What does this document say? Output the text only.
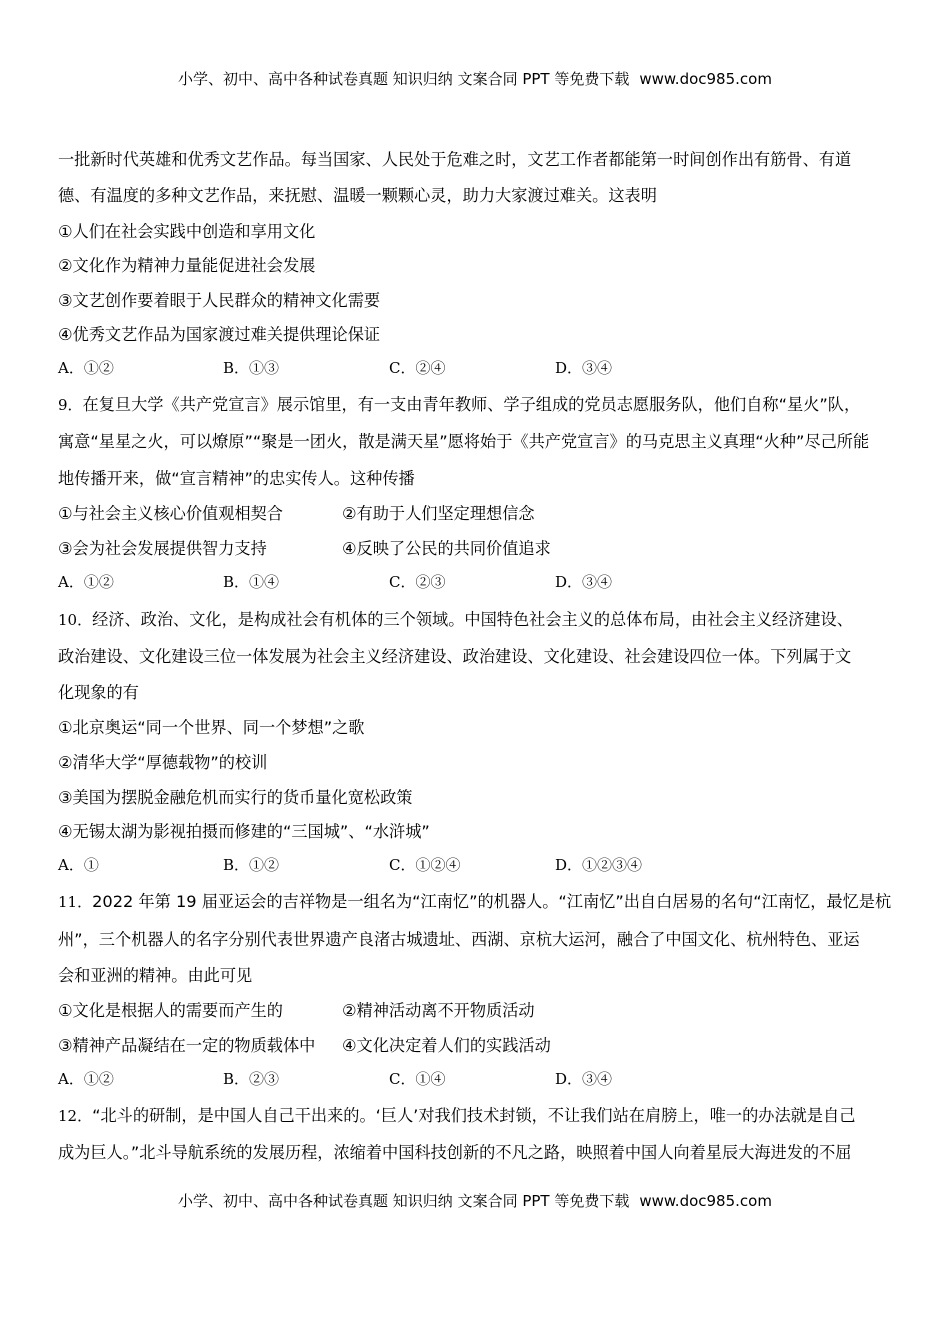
小学、初中、高中各种试卷真题 知识归纳 文案合同 PPT 等免费下载 www.doc985.com
一批新时代英雄和优秀文艺作品。每当国家、人民处于危难之时，文艺工作者都能第一时间创作出有筋骨、有道
德、有温度的多种文艺作品，来抚慰、温暖一颗颗心灵，助力大家渡过难关。这表明
①人们在社会实践中创造和享用文化
②文化作为精神力量能促进社会发展
③文艺创作要着眼于人民群众的精神文化需要
④优秀文艺作品为国家渡过难关提供理论保证
A．①②	B．①③	C．②④	D．③④
9．在复旦大学《共产党宣言》展示馆里，有一支由青年教师、学子组成的党员志愿服务队，他们自称“星火”队，
寓意“星星之火，可以燎原”“聚是一团火，散是满天星”愿将始于《共产党宣言》的马克思主义真理“火种”尽己所能
地传播开来，做“宣言精神”的忠实传人。这种传播
①与社会主义核心价值观相契合	②有助于人们坚定理想信念
③会为社会发展提供智力支持	④反映了公民的共同价值追求
A．①②	B．①④	C．②③	D．③④
10．经济、政治、文化，是构成社会有机体的三个领域。中国特色社会主义的总体布局，由社会主义经济建设、
政治建设、文化建设三位一体发展为社会主义经济建设、政治建设、文化建设、社会建设四位一体。下列属于文
化现象的有
①北京奥运“同一个世界、同一个梦想”之歌
②清华大学“厚德载物”的校训
③美国为摆脱金融危机而实行的货币量化宽松政策
④无锡太湖为影视拍摄而修建的“三国城”、“水浒城”
A．①	B．①②	C．①②④	D．①②③④
11．2022 年第 19 届亚运会的吉祥物是一组名为“江南忆”的机器人。“江南忆”出自白居易的名句“江南忆，最忆是杭
州”，三个机器人的名字分别代表世界遗产良渚古城遗址、西湖、京杭大运河，融合了中国文化、杭州特色、亚运
会和亚洲的精神。由此可见
①文化是根据人的需要而产生的	②精神活动离不开物质活动
③精神产品凝结在一定的物质载体中 ④文化决定着人们的实践活动
A．①②	B．②③	C．①④	D．③④
12．“北斗的研制，是中国人自己干出来的。‘巨人’对我们技术封锁，不让我们站在肩膀上，唯一的办法就是自己
成为巨人。”北斗导航系统的发展历程，浓缩着中国科技创新的不凡之路，映照着中国人向着星辰大海进发的不屈
小学、初中、高中各种试卷真题 知识归纳 文案合同 PPT 等免费下载 www.doc985.com
